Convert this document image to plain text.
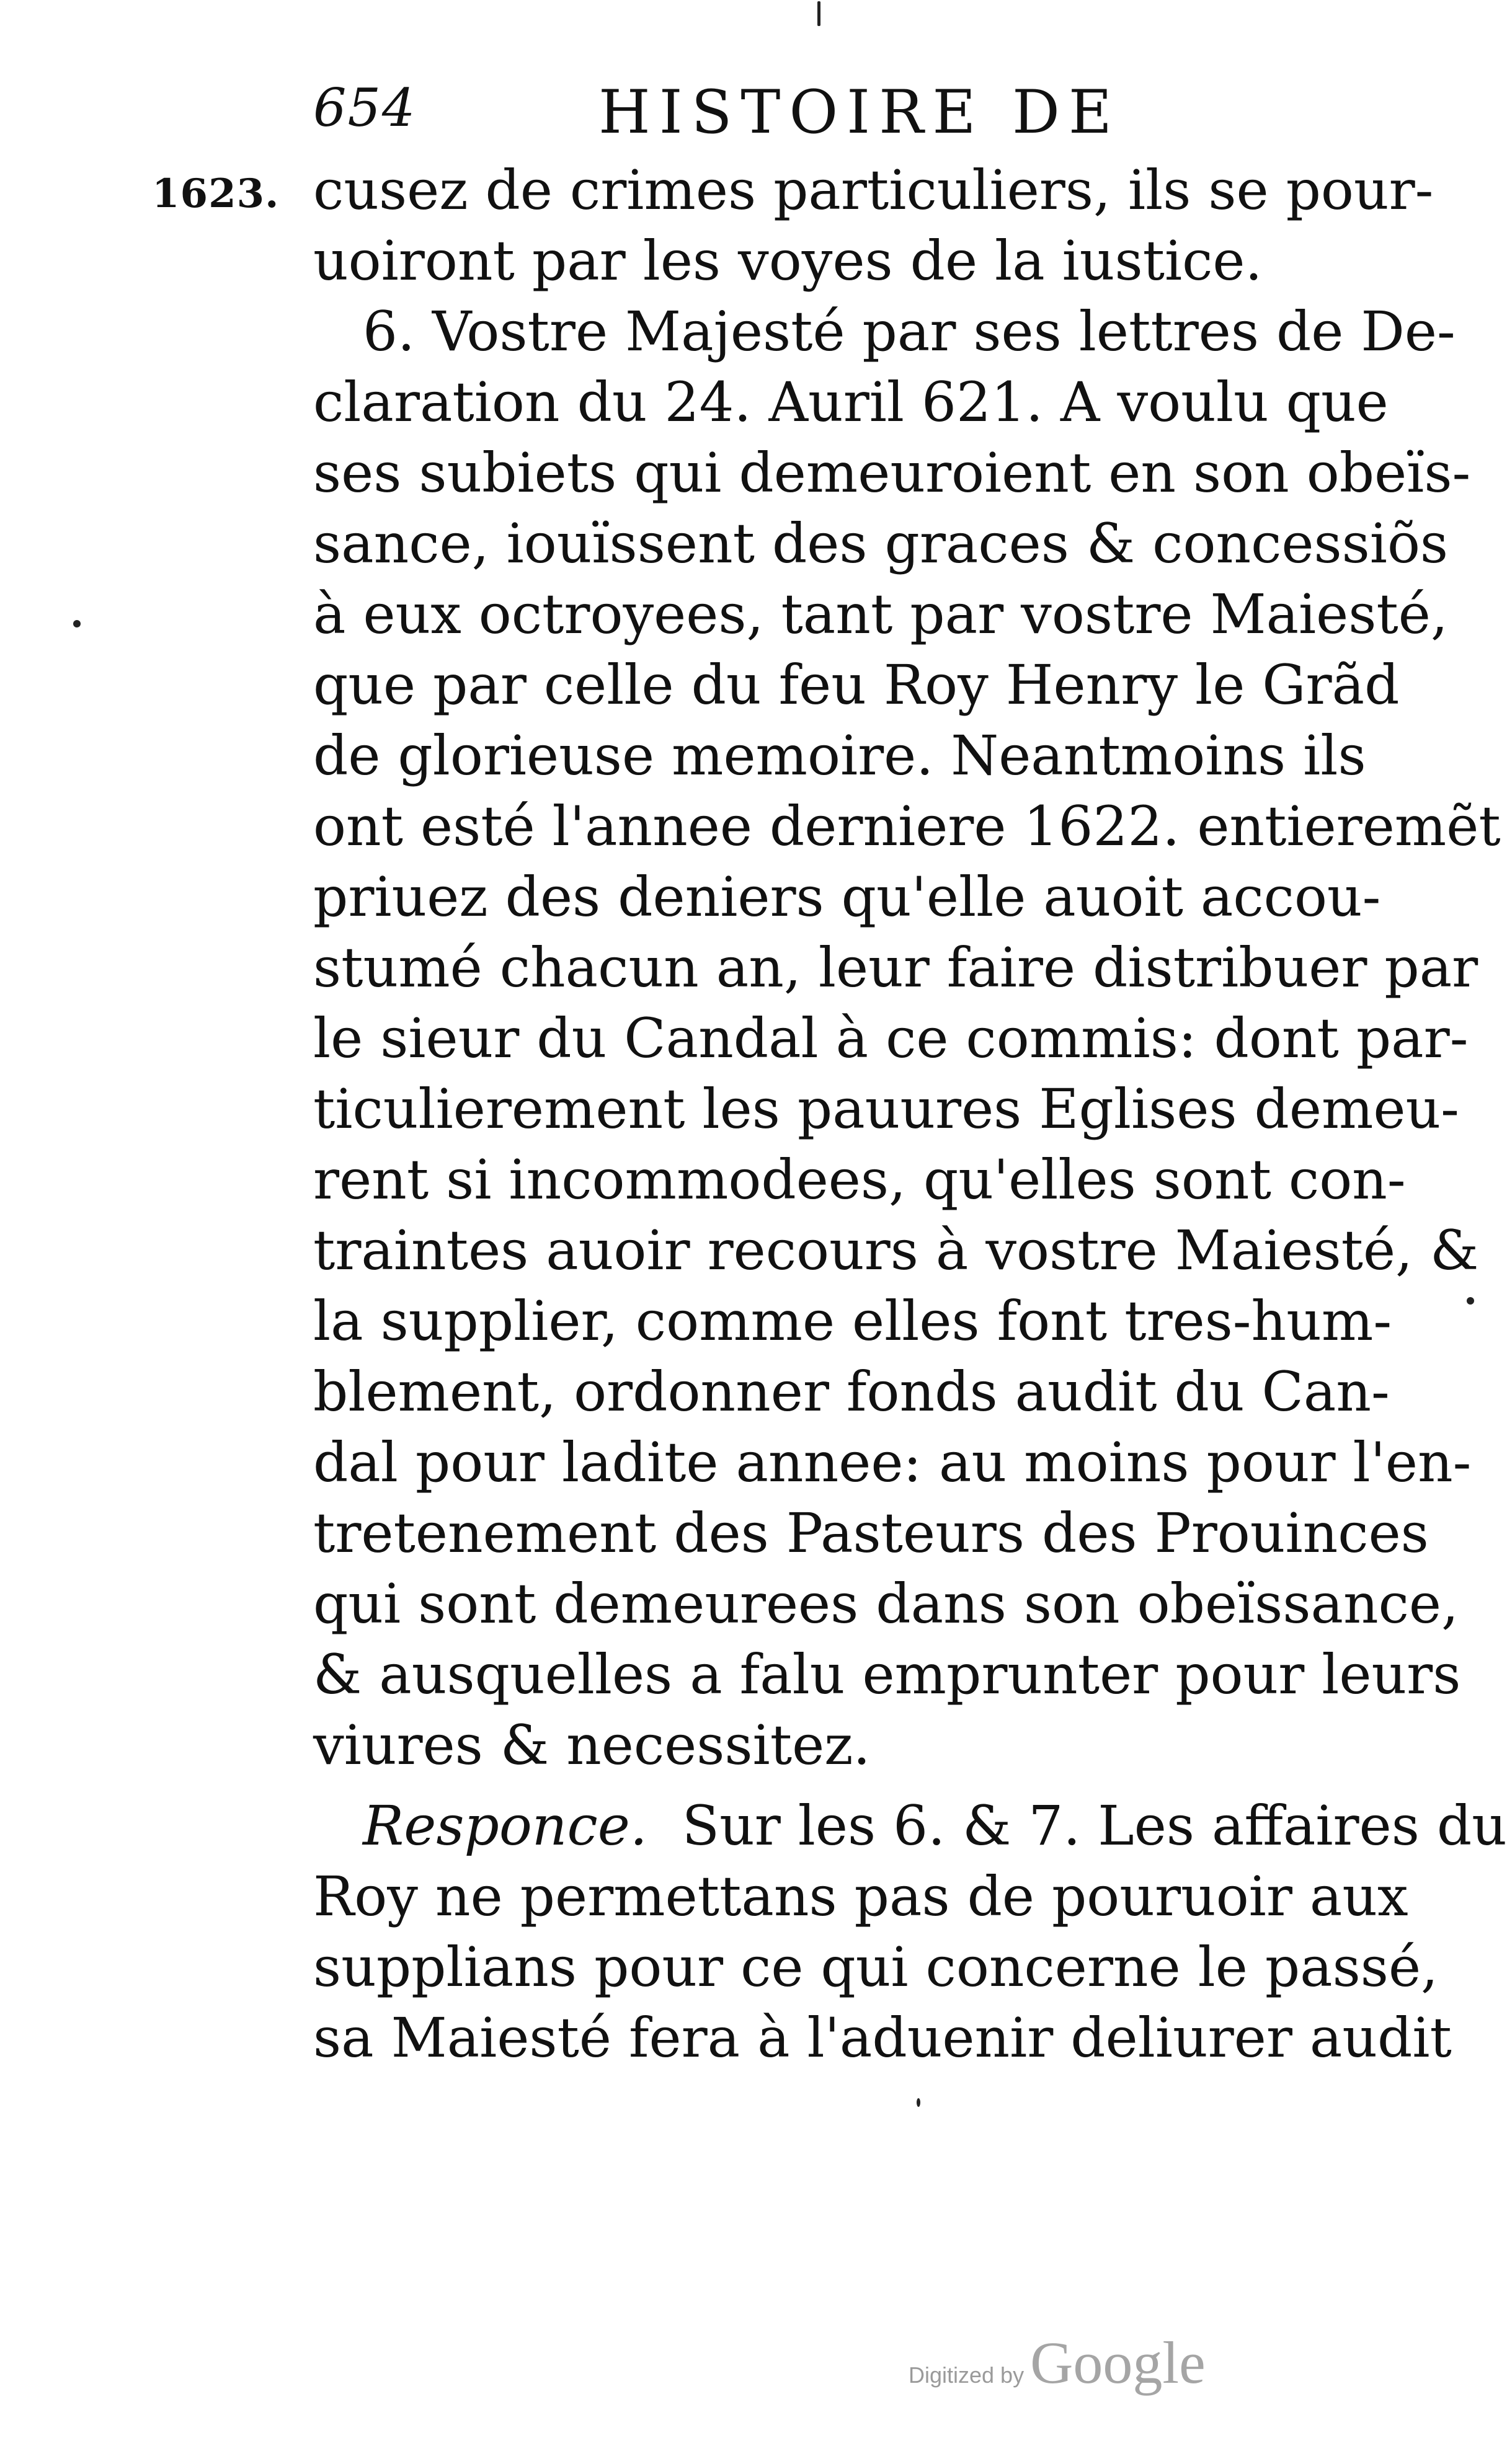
654	HISTOIRE DE
1623. cusez de crimes particuliers, ils se pour-
uoiront par les voyes de la iustice.
6. Vostre Majesté par ses lettres de De-
claration du 24. Auril 621. A voulu que
ses subiets qui demeuroient en son obeïs-
sance, iouïssent des graces & concessiõs
à eux octroyees, tant par vostre Maiesté,
que par celle du feu Roy Henry le Grãd
de glorieuse memoire. Neantmoins ils
ont esté l'annee derniere 1622. entieremẽt
priuez des deniers qu'elle auoit accou-
stumé chacun an, leur faire distribuer par
le sieur du Candal à ce commis: dont par-
ticulierement les pauures Eglises demeu-
rent si incommodees, qu'elles sont con-
traintes auoir recours à vostre Maiesté, &
la supplier, comme elles font tres-hum-
blement, ordonner fonds audit du Can-
dal pour ladite annee: au moins pour l'en-
tretenement des Pasteurs des Prouinces
qui sont demeurees dans son obeïssance,
& ausquelles a falu emprunter pour leurs
viures & necessitez.
Responce. Sur les 6. & 7. Les affaires du
Roy ne permettans pas de pouruoir aux
supplians pour ce qui concerne le passé,
sa Maiesté fera à l'aduenir deliurer audit
Digitized by Google
